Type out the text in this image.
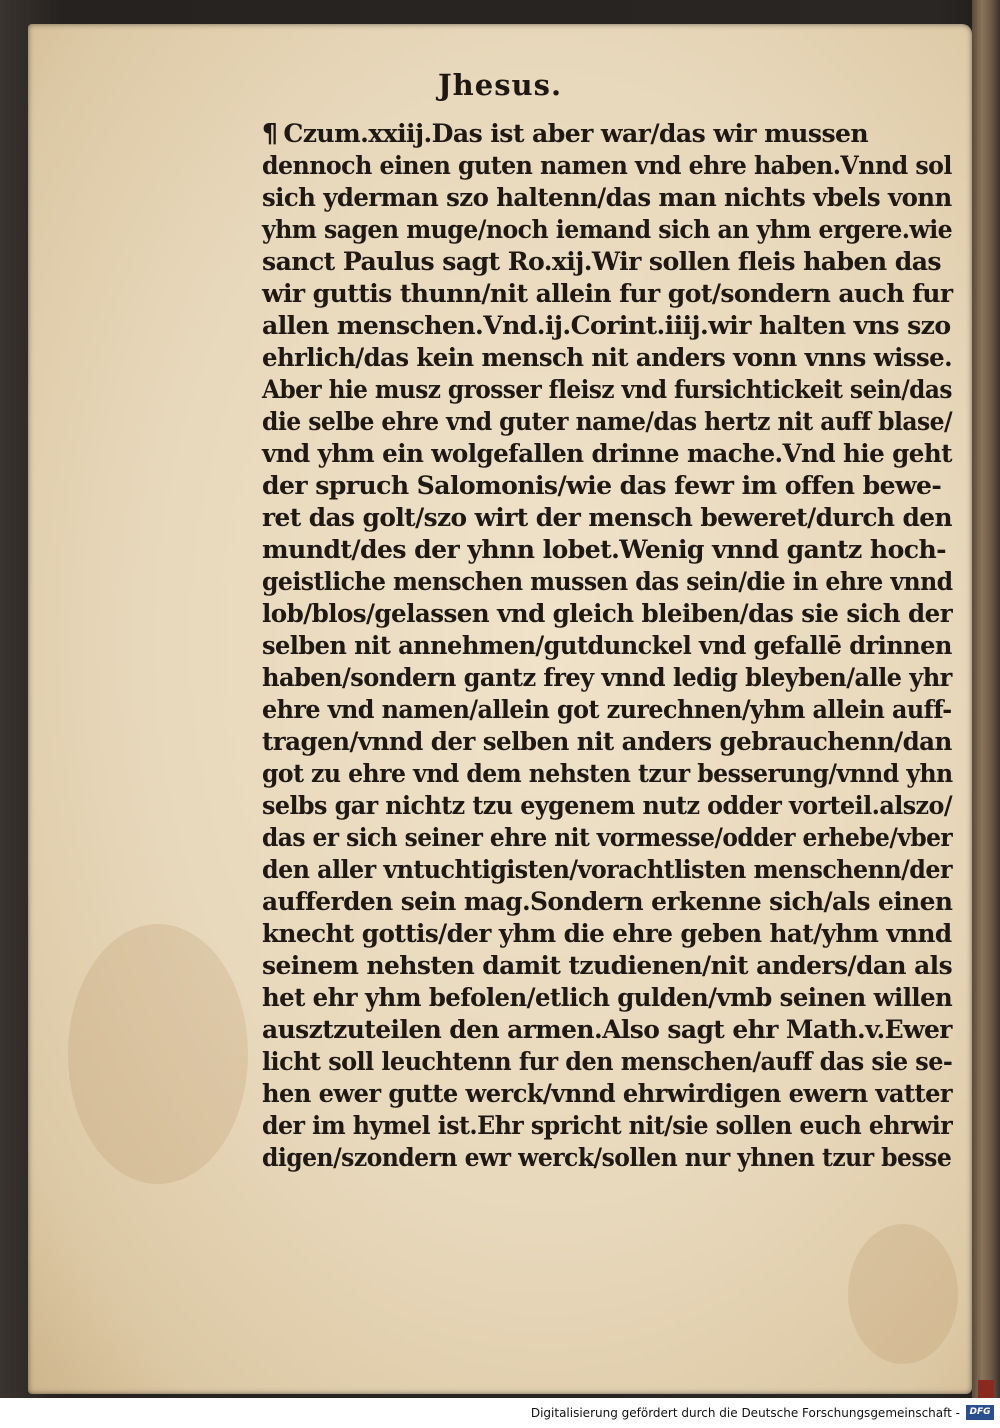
Jhesus.
¶ Czum.xxiij.Das ist aber war/das wir mussen
dennoch einen guten namen vnd ehre haben.Vnnd sol
sich yderman szo haltenn/das man nichts vbels vonn
yhm sagen muge/noch iemand sich an yhm ergere.wie
sanct Paulus sagt Ro.xij.Wir sollen fleis haben das
wir guttis thunn/nit allein fur got/sondern auch fur
allen menschen.Vnd.ij.Corint.iiij.wir halten vns szo
ehrlich/das kein mensch nit anders vonn vnns wisse.
Aber hie musz grosser fleisz vnd fursichtickeit sein/das
die selbe ehre vnd guter name/das hertz nit auff blase/
vnd yhm ein wolgefallen drinne mache.Vnd hie geht
der spruch Salomonis/wie das fewr im offen bewe-
ret das golt/szo wirt der mensch beweret/durch den
mundt/des der yhnn lobet.Wenig vnnd gantz hoch-
geistliche menschen mussen das sein/die in ehre vnnd
lob/blos/gelassen vnd gleich bleiben/das sie sich der
selben nit annehmen/gutdunckel vnd gefallē drinnen
haben/sondern gantz frey vnnd ledig bleyben/alle yhr
ehre vnd namen/allein got zurechnen/yhm allein auff-
tragen/vnnd der selben nit anders gebrauchenn/dan
got zu ehre vnd dem nehsten tzur besserung/vnnd yhn
selbs gar nichtz tzu eygenem nutz odder vorteil.alszo/
das er sich seiner ehre nit vormesse/odder erhebe/vber
den aller vntuchtigisten/vorachtlisten menschenn/der
aufferden sein mag.Sondern erkenne sich/als einen
knecht gottis/der yhm die ehre geben hat/yhm vnnd
seinem nehsten damit tzudienen/nit anders/dan als
het ehr yhm befolen/etlich gulden/vmb seinen willen
ausztzuteilen den armen.Also sagt ehr Math.v.Ewer
licht soll leuchtenn fur den menschen/auff das sie se-
hen ewer gutte werck/vnnd ehrwirdigen ewern vatter
der im hymel ist.Ehr spricht nit/sie sollen euch ehrwir
digen/szondern ewr werck/sollen nur yhnen tzur besse
Digitalisierung gefördert durch die Deutsche Forschungsgemeinschaft -	DFG
